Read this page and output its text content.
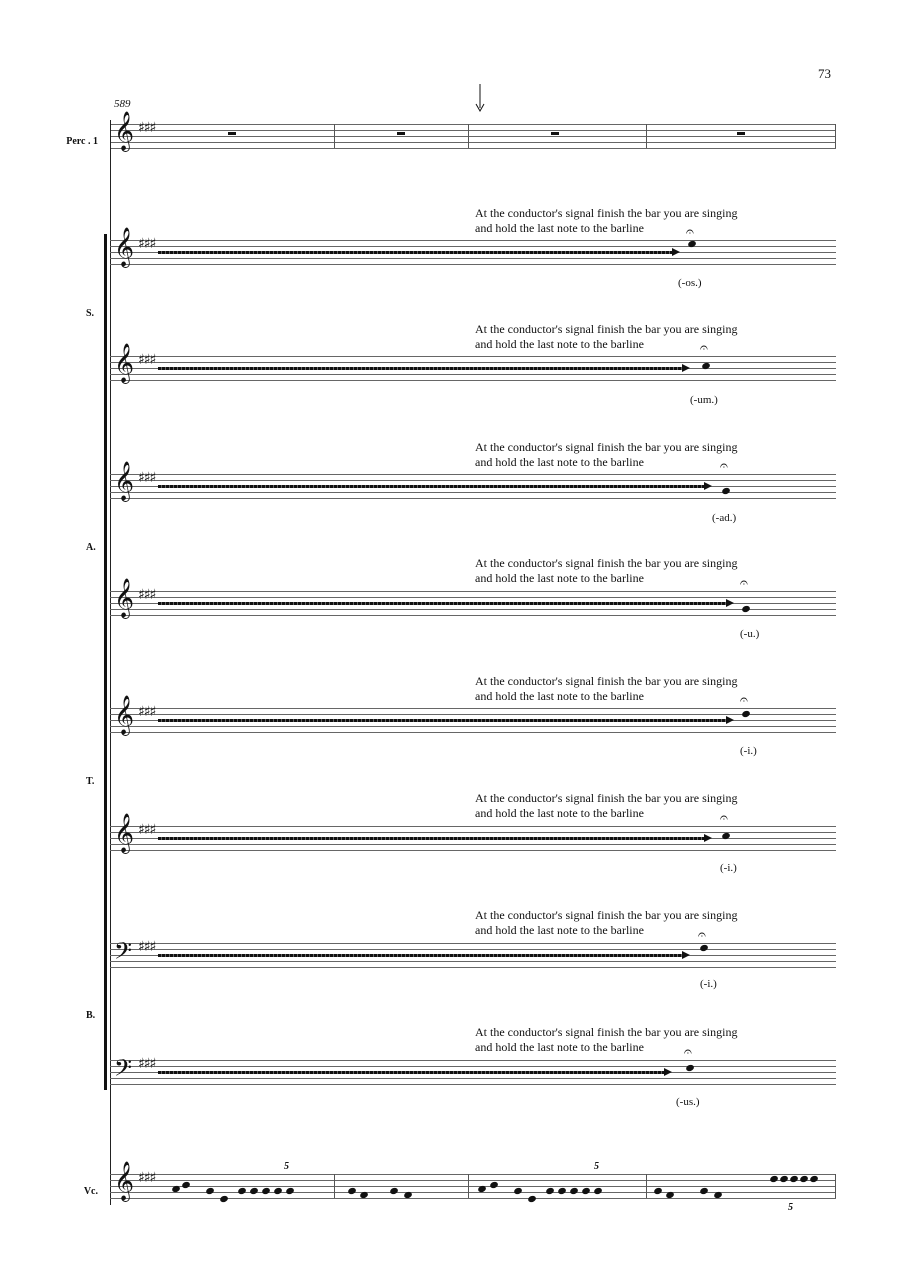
73
589
Perc . 1 𝄞 ♯♯♯
S.
A.
T.
B.
At the conductor's signal finish the bar you are singing
and hold the last note to the barline
𝄞 ♯♯♯
𝄐
(-os.)
At the conductor's signal finish the bar you are singing
and hold the last note to the barline
𝄞 ♯♯♯
𝄐
(-um.)
At the conductor's signal finish the bar you are singing
and hold the last note to the barline
𝄞 ♯♯♯
𝄐
(-ad.)
At the conductor's signal finish the bar you are singing
and hold the last note to the barline
𝄞 ♯♯♯
𝄐
(-u.)
At the conductor's signal finish the bar you are singing
and hold the last note to the barline
𝄞 ♯♯♯
𝄐
(-i.)
At the conductor's signal finish the bar you are singing
and hold the last note to the barline
𝄞 ♯♯♯
𝄐
(-i.)
At the conductor's signal finish the bar you are singing
and hold the last note to the barline
𝄢 ♯♯♯
𝄐
(-i.)
At the conductor's signal finish the bar you are singing
and hold the last note to the barline
𝄢 ♯♯♯
𝄐
(-us.)
Vc. 𝄞 ♯♯♯
5	5
5
